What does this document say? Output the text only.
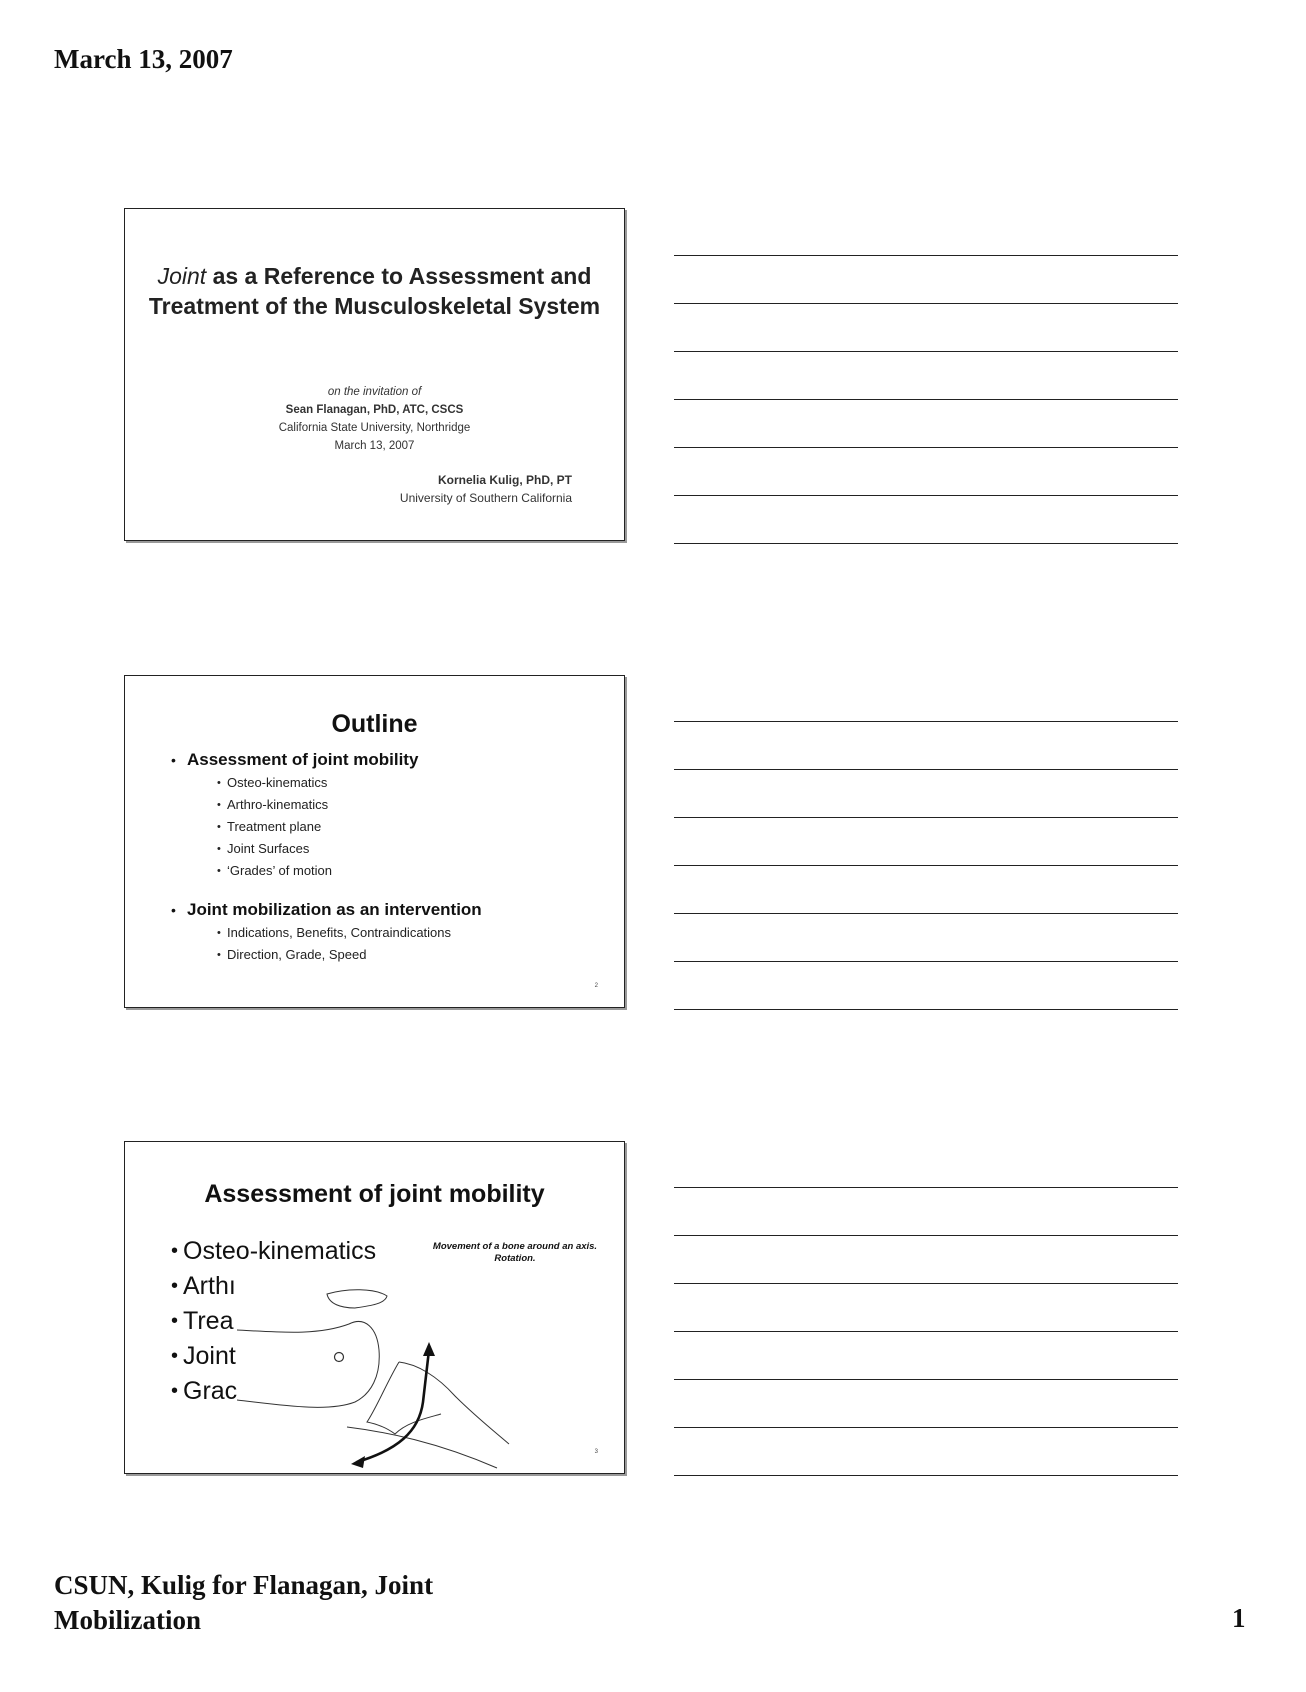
March 13, 2007
Joint as a Reference to Assessment and Treatment of the Musculoskeletal System
on the invitation of
Sean Flanagan, PhD, ATC, CSCS
California State University, Northridge
March 13, 2007
Kornelia Kulig, PhD, PT
University of Southern California
Outline
• Assessment of joint mobility
• Osteo-kinematics
• Arthro-kinematics
• Treatment plane
• Joint Surfaces
• ‘Grades’ of motion
• Joint mobilization as an intervention
• Indications, Benefits, Contraindications
• Direction, Grade, Speed
2
Assessment of joint mobility
• Osteo-kinematics
• Arthı
• Trea
• Joint
• Grac
Movement of a bone around an axis. Rotation.
3
CSUN, Kulig for Flanagan, Joint Mobilization	1
